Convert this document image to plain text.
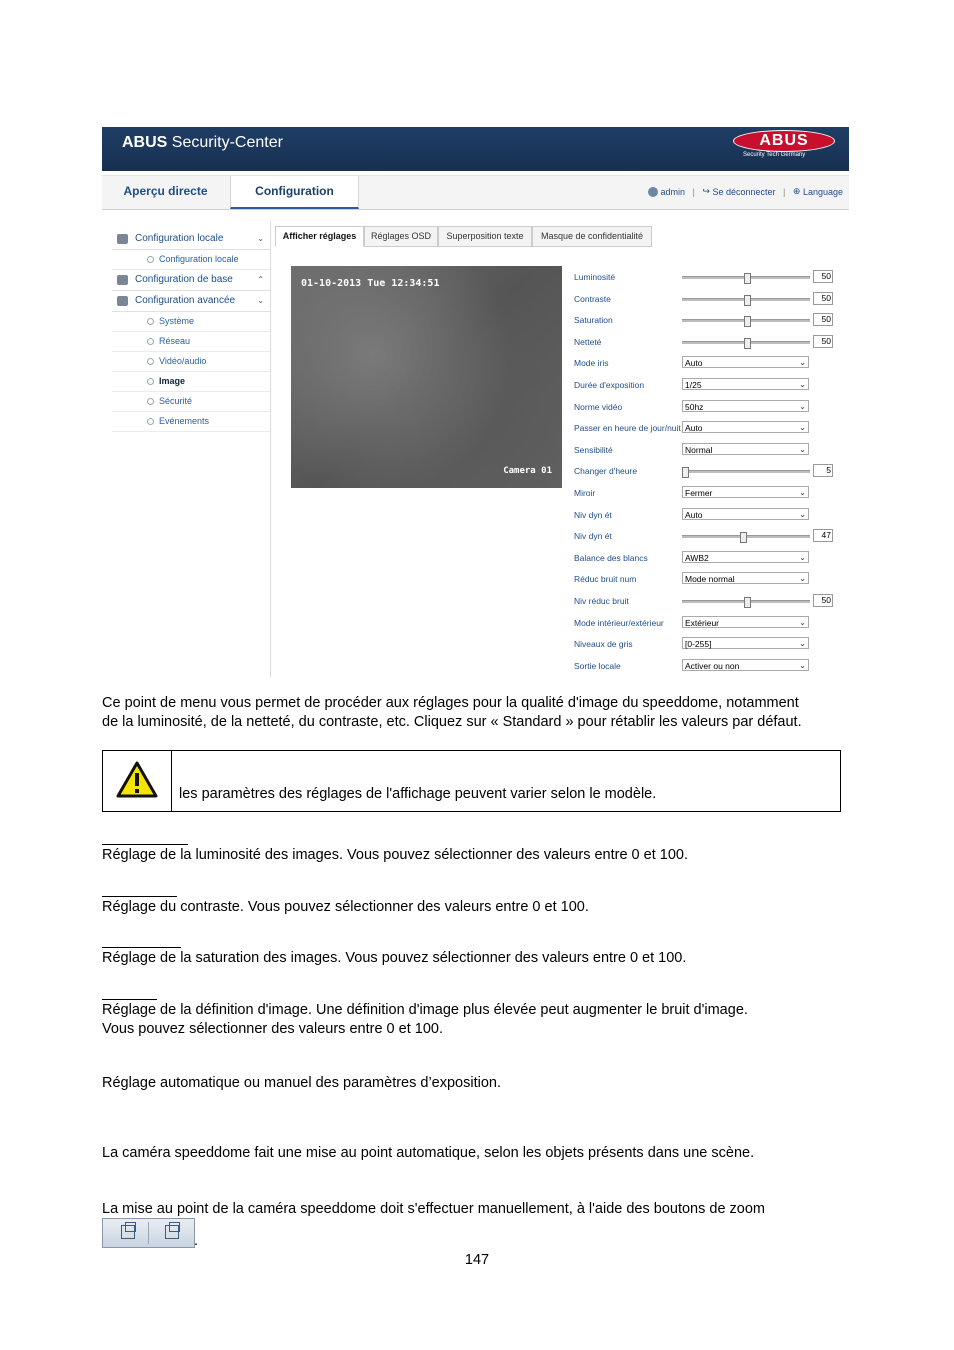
ABUS Security-Center	ABUS
Security Tech Germany
Aperçu directe	Configuration	admin | ↪ Se déconnecter | ⊕ Language
Configuration locale	⌄
Configuration locale
Configuration de base	⌃
Configuration avancée	⌄
Système
Réseau
Vidéo/audio
Image
Sécurité
Evénements
Afficher réglages	Réglages OSD	Superposition texte	Masque de confidentialité
01-10-2013 Tue 12:34:51
Camera 01
Luminosité	50
Contraste	50
Saturation	50
Netteté	50
Mode iris	Auto	⌄
Durée d'exposition	1/25	⌄
Norme vidéo	50hz	⌄
Passer en heure de jour/nuit Auto	⌄
Sensibilité	Normal	⌄
Changer d'heure	5
Miroir	Fermer	⌄
Niv dyn ét	Auto	⌄
Niv dyn ét	47
Balance des blancs	AWB2	⌄
Réduc bruit num	Mode normal	⌄
Niv réduc bruit	50
Mode intérieur/extérieur	Extérieur	⌄
Niveaux de gris	[0-255]	⌄
Sortie locale	Activer ou non	⌄
Ce point de menu vous permet de procéder aux réglages pour la qualité d'image du speeddome, notamment
de la luminosité, de la netteté, du contraste, etc. Cliquez sur « Standard » pour rétablir les valeurs par défaut.
les paramètres des réglages de l'affichage peuvent varier selon le modèle.
Réglage de la luminosité des images. Vous pouvez sélectionner des valeurs entre 0 et 100.
Réglage du contraste. Vous pouvez sélectionner des valeurs entre 0 et 100.
Réglage de la saturation des images. Vous pouvez sélectionner des valeurs entre 0 et 100.
Réglage de la définition d'image. Une définition d'image plus élevée peut augmenter le bruit d'image.
Vous pouvez sélectionner des valeurs entre 0 et 100.
Réglage automatique ou manuel des paramètres d’exposition.
La caméra speeddome fait une mise au point automatique, selon les objets présents dans une scène.
La mise au point de la caméra speeddome doit s'effectuer manuellement, à l'aide des boutons de zoom
.
147
